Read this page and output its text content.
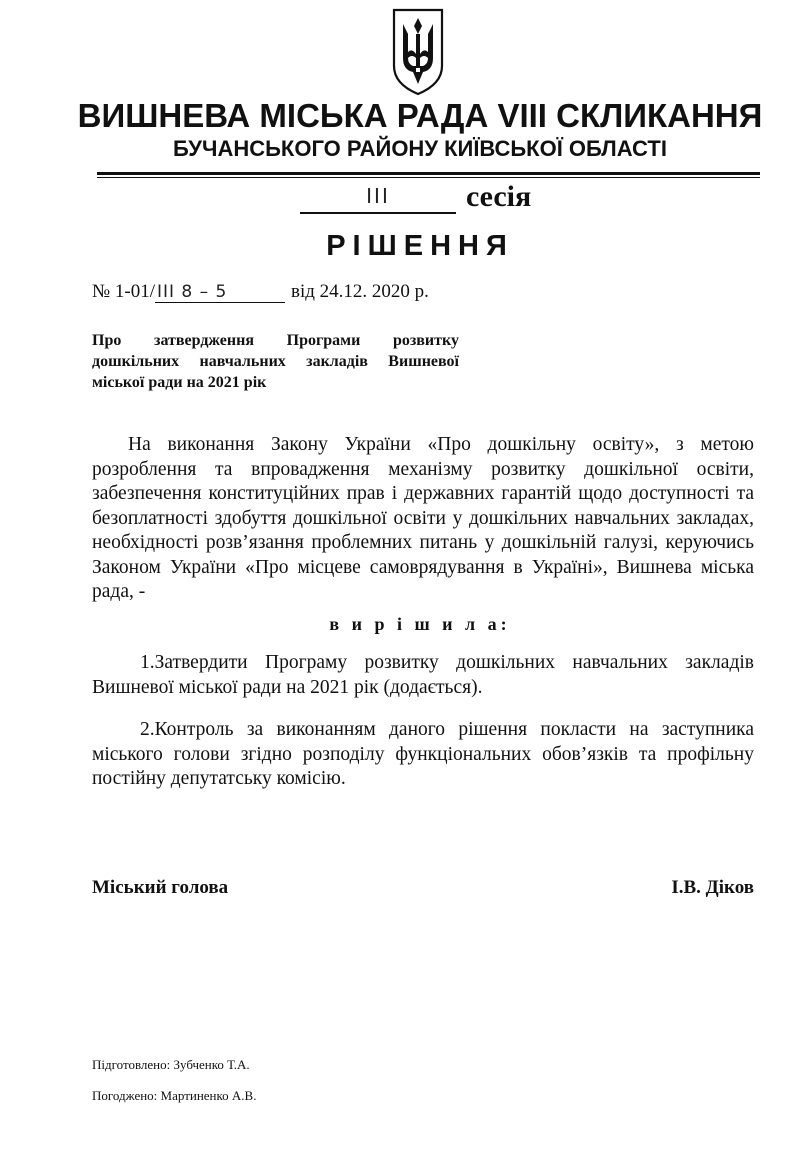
ВИШНЕВА МІСЬКА РАДА VIII СКЛИКАННЯ
БУЧАНСЬКОГО РАЙОНУ КИЇВСЬКОЇ ОБЛАСТІ
III	сесія
РІШЕННЯ
№ 1-01/ III 8 – 5	від 24.12. 2020 р.

Про затвердження Програми розвитку дошкільних навчальних закладів Вишневої міської ради на 2021 рік

На виконання Закону України «Про дошкільну освіту», з метою розроблення та впровадження механізму розвитку дошкільної освіти, забезпечення конституційних прав і державних гарантій щодо доступності та безоплатності здобуття дошкільної освіти у дошкільних навчальних закладах, необхідності розв’язання проблемних питань у дошкільній галузі, керуючись Законом України «Про місцеве самоврядування в Україні», Вишнева міська рада, -

в и р і ш и л а:

1.Затвердити Програму розвитку дошкільних навчальних закладів Вишневої міської ради на 2021 рік (додається).

2.Контроль за виконанням даного рішення покласти на заступника міського голови згідно розподілу функціональних обов’язків та профільну постійну депутатську комісію.

Міський голова	І.В. Діков

Підготовлено: Зубченко Т.А.

Погоджено: Мартиненко А.В.
